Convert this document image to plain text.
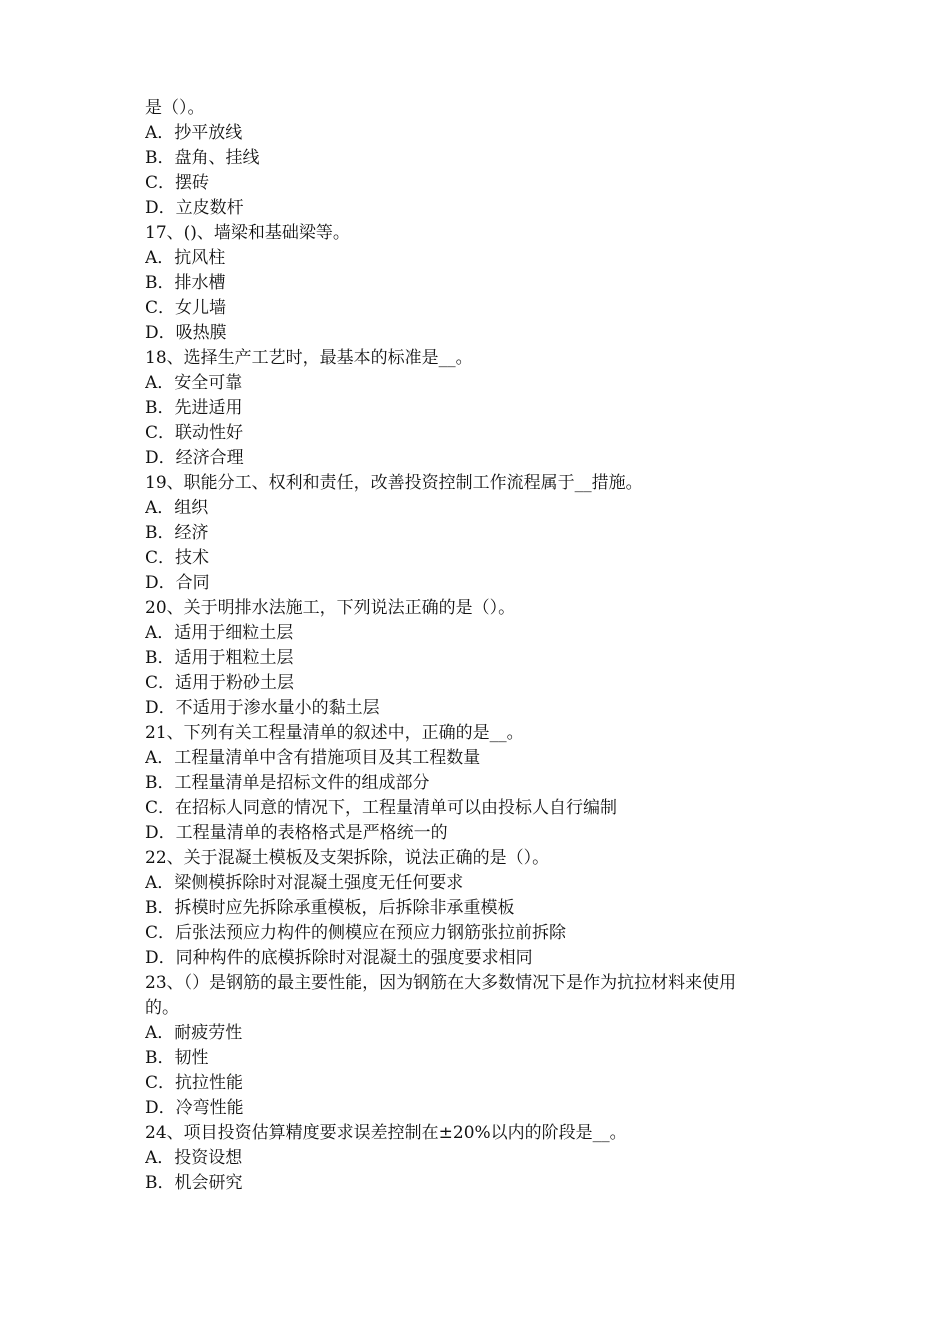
是（）。
A．抄平放线
B．盘角、挂线
C．摆砖
D．立皮数杆
17、()、墙梁和基础梁等。
A．抗风柱
B．排水槽
C．女儿墙
D．吸热膜
18、选择生产工艺时，最基本的标准是__。
A．安全可靠
B．先进适用
C．联动性好
D．经济合理
19、职能分工、权利和责任，改善投资控制工作流程属于__措施。
A．组织
B．经济
C．技术
D．合同
20、关于明排水法施工，下列说法正确的是（）。
A．适用于细粒土层
B．适用于粗粒土层
C．适用于粉砂土层
D．不适用于渗水量小的黏土层
21、下列有关工程量清单的叙述中，正确的是__。
A．工程量清单中含有措施项目及其工程数量
B．工程量清单是招标文件的组成部分
C．在招标人同意的情况下，工程量清单可以由投标人自行编制
D．工程量清单的表格格式是严格统一的
22、关于混凝土模板及支架拆除，说法正确的是（）。
A．梁侧模拆除时对混凝土强度无任何要求
B．拆模时应先拆除承重模板，后拆除非承重模板
C．后张法预应力构件的侧模应在预应力钢筋张拉前拆除
D．同种构件的底模拆除时对混凝土的强度要求相同
23、（）是钢筋的最主要性能，因为钢筋在大多数情况下是作为抗拉材料来使用
的。
A．耐疲劳性
B．韧性
C．抗拉性能
D．冷弯性能
24、项目投资估算精度要求误差控制在±20%以内的阶段是__。
A．投资设想
B．机会研究
